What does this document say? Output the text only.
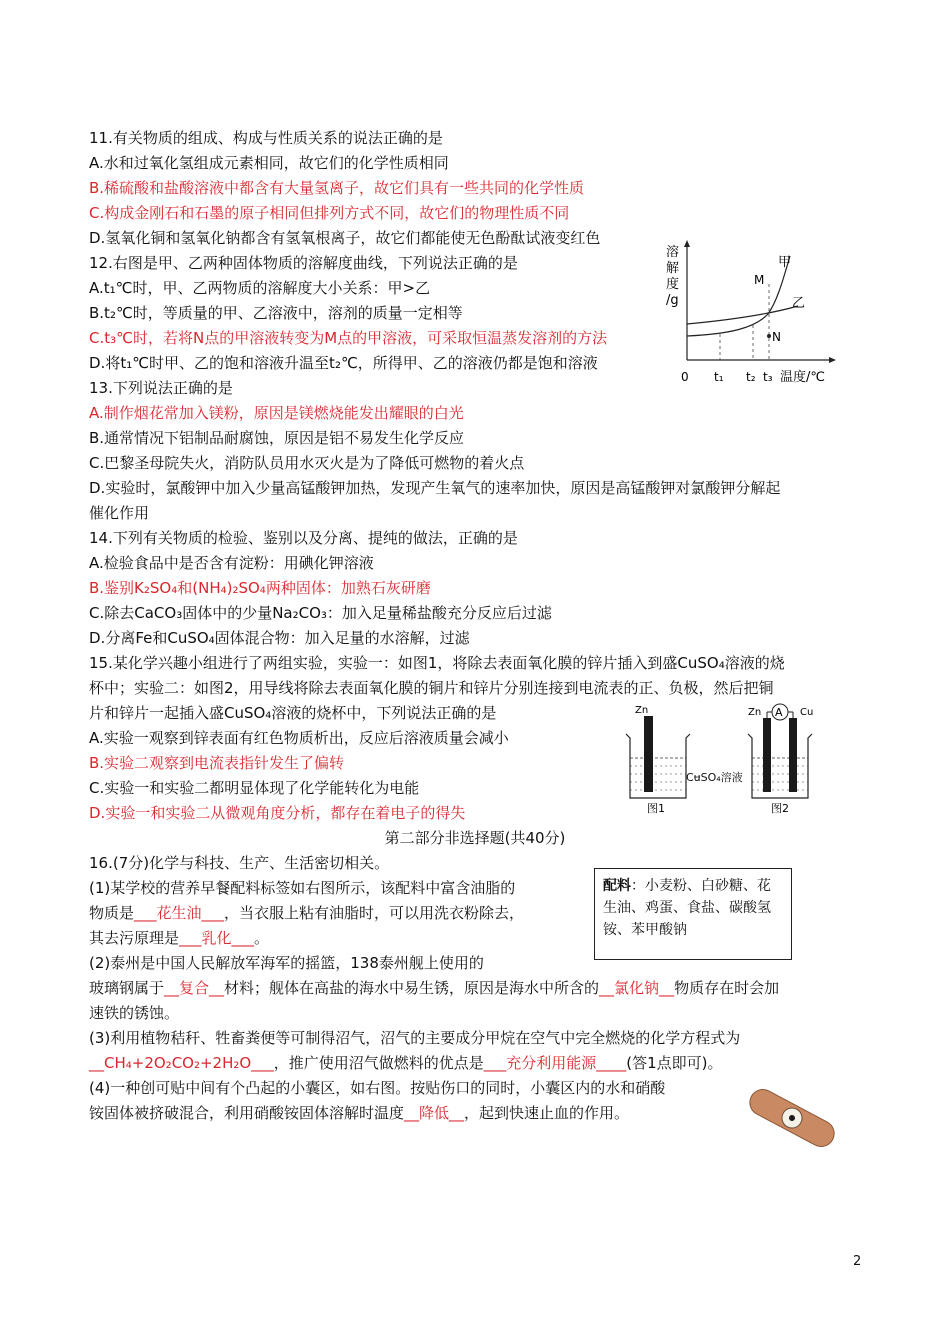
11.有关物质的组成、构成与性质关系的说法正确的是
A.水和过氧化氢组成元素相同，故它们的化学性质相同
B.稀硫酸和盐酸溶液中都含有大量氢离子，故它们具有一些共同的化学性质
C.构成金刚石和石墨的原子相同但排列方式不同，故它们的物理性质不同
D.氢氧化铜和氢氧化钠都含有氢氧根离子，故它们都能使无色酚酞试液变红色
12.右图是甲、乙两种固体物质的溶解度曲线，下列说法正确的是
A.t₁℃时，甲、乙两物质的溶解度大小关系：甲>乙
B.t₂℃时，等质量的甲、乙溶液中，溶剂的质量一定相等
C.t₃℃时，若将N点的甲溶液转变为M点的甲溶液，可采取恒温蒸发溶剂的方法
D.将t₁℃时甲、乙的饱和溶液升温至t₂℃，所得甲、乙的溶液仍都是饱和溶液
溶
解
度
/g
甲
乙
M
N
0 t₁ t₂ t₃ 温度/℃
13.下列说法正确的是
A.制作烟花常加入镁粉，原因是镁燃烧能发出耀眼的白光
B.通常情况下铝制品耐腐蚀，原因是铝不易发生化学反应
C.巴黎圣母院失火，消防队员用水灭火是为了降低可燃物的着火点
D.实验时，氯酸钾中加入少量高锰酸钾加热，发现产生氧气的速率加快，原因是高锰酸钾对氯酸钾分解起
催化作用
14.下列有关物质的检验、鉴别以及分离、提纯的做法，正确的是
A.检验食品中是否含有淀粉：用碘化钾溶液
B.鉴别K₂SO₄和(NH₄)₂SO₄两种固体：加熟石灰研磨
C.除去CaCO₃固体中的少量Na₂CO₃：加入足量稀盐酸充分反应后过滤
D.分离Fe和CuSO₄固体混合物：加入足量的水溶解，过滤
15.某化学兴趣小组进行了两组实验，实验一：如图1，将除去表面氧化膜的锌片插入到盛CuSO₄溶液的烧
杯中；实验二：如图2，用导线将除去表面氧化膜的铜片和锌片分别连接到电流表的正、负极，然后把铜
片和锌片一起插入盛CuSO₄溶液的烧杯中，下列说法正确的是
A.实验一观察到锌表面有红色物质析出，反应后溶液质量会减小
B.实验二观察到电流表指针发生了偏转
C.实验一和实验二都明显体现了化学能转化为电能
D.实验一和实验二从微观角度分析，都存在着电子的得失
Zn	A
Zn	Cu
CuSO₄溶液
图1	图2
第二部分非选择题(共40分)
16.(7分)化学与科技、生产、生活密切相关。
(1)某学校的营养早餐配料标签如右图所示，该配料中富含油脂的
物质是___花生油___，当衣服上粘有油脂时，可以用洗衣粉除去，
其去污原理是___乳化___。
配料：小麦粉、白砂糖、花生油、鸡蛋、食盐、碳酸氢铵、苯甲酸钠
(2)泰州是中国人民解放军海军的摇篮，138泰州舰上使用的
玻璃钢属于__复合__材料；舰体在高盐的海水中易生锈，原因是海水中所含的__氯化钠__物质存在时会加
速铁的锈蚀。
(3)利用植物秸秆、牲畜粪便等可制得沼气，沼气的主要成分甲烷在空气中完全燃烧的化学方程式为
__CH₄+2O₂CO₂+2H₂O___，推广使用沼气做燃料的优点是___充分利用能源____(答1点即可)。
(4)一种创可贴中间有个凸起的小囊区，如右图。按贴伤口的同时，小囊区内的水和硝酸
铵固体被挤破混合，利用硝酸铵固体溶解时温度__降低__，起到快速止血的作用。
2
